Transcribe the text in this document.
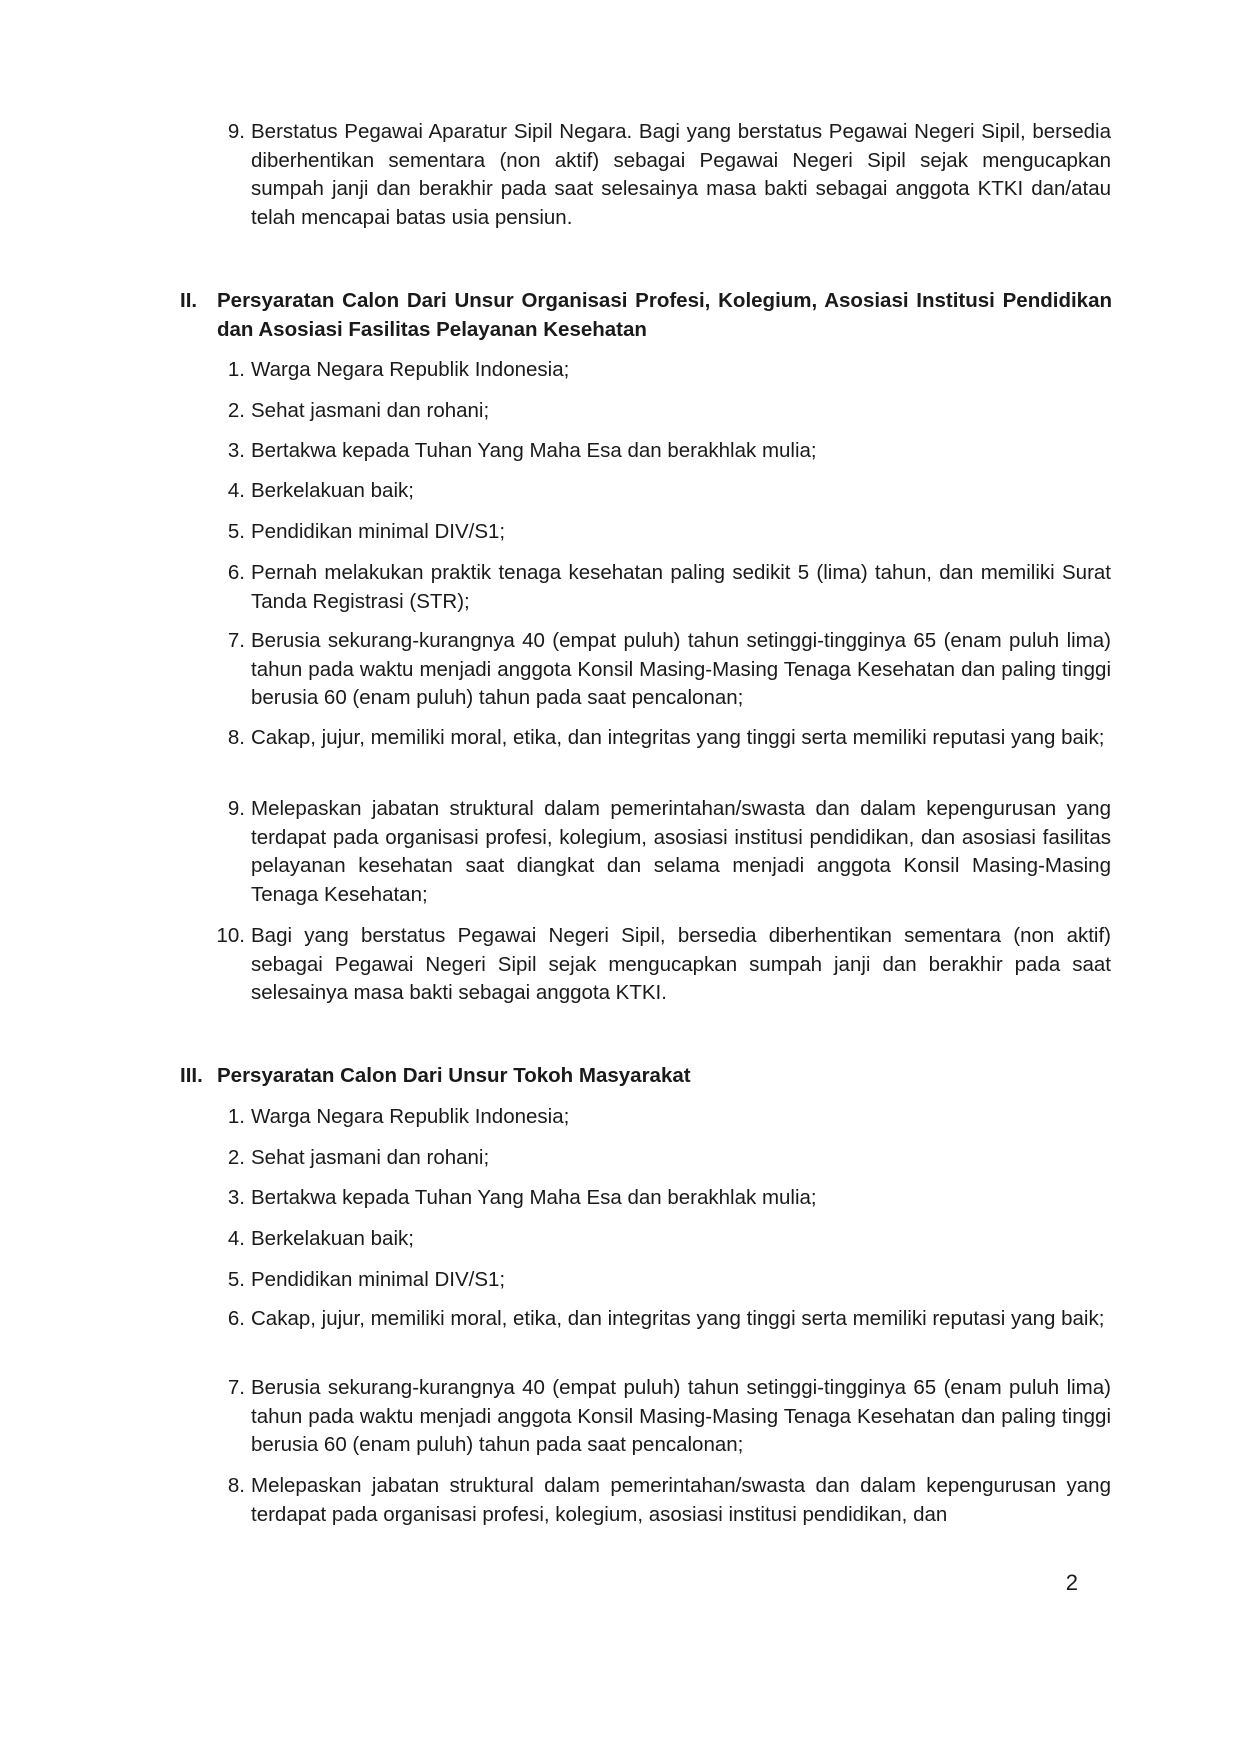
9. Berstatus Pegawai Aparatur Sipil Negara. Bagi yang berstatus Pegawai Negeri Sipil, bersedia diberhentikan sementara (non aktif) sebagai Pegawai Negeri Sipil sejak mengucapkan sumpah janji dan berakhir pada saat selesainya masa bakti sebagai anggota KTKI dan/atau telah mencapai batas usia pensiun.
II. Persyaratan Calon Dari Unsur Organisasi Profesi, Kolegium, Asosiasi Institusi Pendidikan dan Asosiasi Fasilitas Pelayanan Kesehatan
1. Warga Negara Republik Indonesia;
2. Sehat jasmani dan rohani;
3. Bertakwa kepada Tuhan Yang Maha Esa dan berakhlak mulia;
4. Berkelakuan baik;
5. Pendidikan minimal DIV/S1;
6. Pernah melakukan praktik tenaga kesehatan paling sedikit 5 (lima) tahun, dan memiliki Surat Tanda Registrasi (STR);
7. Berusia sekurang-kurangnya 40 (empat puluh) tahun setinggi-tingginya 65 (enam puluh lima) tahun pada waktu menjadi anggota Konsil Masing-Masing Tenaga Kesehatan dan paling tinggi berusia 60 (enam puluh) tahun pada saat pencalonan;
8. Cakap, jujur, memiliki moral, etika, dan integritas yang tinggi serta memiliki reputasi yang baik;
9. Melepaskan jabatan struktural dalam pemerintahan/swasta dan dalam kepengurusan yang terdapat pada organisasi profesi, kolegium, asosiasi institusi pendidikan, dan asosiasi fasilitas pelayanan kesehatan saat diangkat dan selama menjadi anggota Konsil Masing-Masing Tenaga Kesehatan;
10. Bagi yang berstatus Pegawai Negeri Sipil, bersedia diberhentikan sementara (non aktif) sebagai Pegawai Negeri Sipil sejak mengucapkan sumpah janji dan berakhir pada saat selesainya masa bakti sebagai anggota KTKI.
III. Persyaratan Calon Dari Unsur Tokoh Masyarakat
1. Warga Negara Republik Indonesia;
2. Sehat jasmani dan rohani;
3. Bertakwa kepada Tuhan Yang Maha Esa dan berakhlak mulia;
4. Berkelakuan baik;
5. Pendidikan minimal DIV/S1;
6. Cakap, jujur, memiliki moral, etika, dan integritas yang tinggi serta memiliki reputasi yang baik;
7. Berusia sekurang-kurangnya 40 (empat puluh) tahun setinggi-tingginya 65 (enam puluh lima) tahun pada waktu menjadi anggota Konsil Masing-Masing Tenaga Kesehatan dan paling tinggi berusia 60 (enam puluh) tahun pada saat pencalonan;
8. Melepaskan jabatan struktural dalam pemerintahan/swasta dan dalam kepengurusan yang terdapat pada organisasi profesi, kolegium, asosiasi institusi pendidikan, dan
2
